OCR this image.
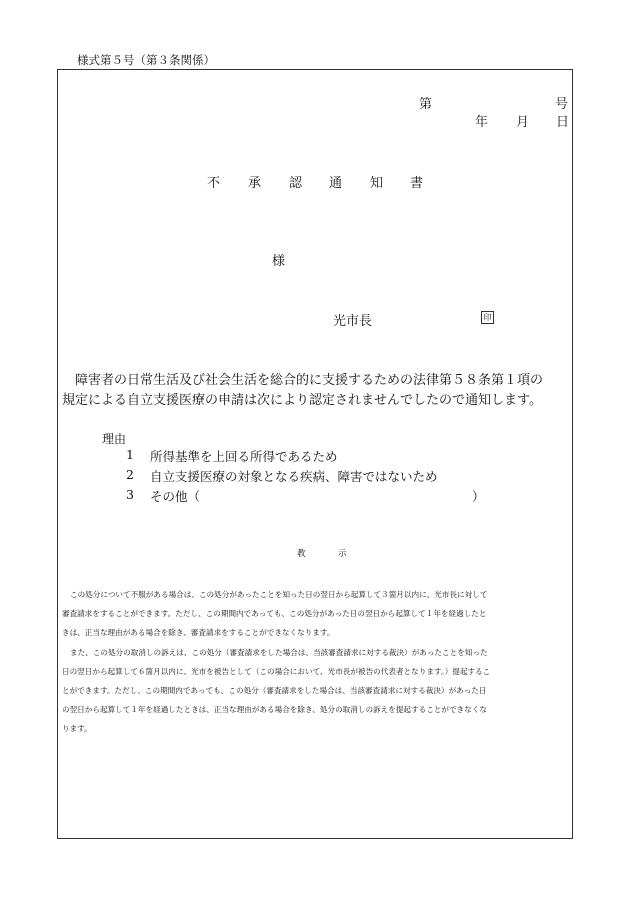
様式第５号（第３条関係）
第	号
年 月 日
不 承 認 通 知 書
様
光市長	印
障害者の日常生活及び社会生活を総合的に支援するための法律第５８条第１項の
規定による自立支援医療の申請は次により認定されませんでしたので通知します。
理由
1 所得基準を上回る所得であるため
2 自立支援医療の対象となる疾病、障害ではないため
3 その他（	）
教	示
この処分について不服がある場合は、この処分があったことを知った日の翌日から起算して３箇月以内に、光市長に対して
審査請求をすることができます。ただし、この期間内であっても、この処分があった日の翌日から起算して１年を経過したと
きは、正当な理由がある場合を除き、審査請求をすることができなくなります。
また、この処分の取消しの訴えは、この処分（審査請求をした場合は、当該審査請求に対する裁決）があったことを知った
日の翌日から起算して６箇月以内に、光市を被告として（この場合において、光市長が被告の代表者となります。）提起するこ
とができます。ただし、この期間内であっても、この処分（審査請求をした場合は、当該審査請求に対する裁決）があった日
の翌日から起算して１年を経過したときは、正当な理由がある場合を除き、処分の取消しの訴えを提起することができなくな
ります。
